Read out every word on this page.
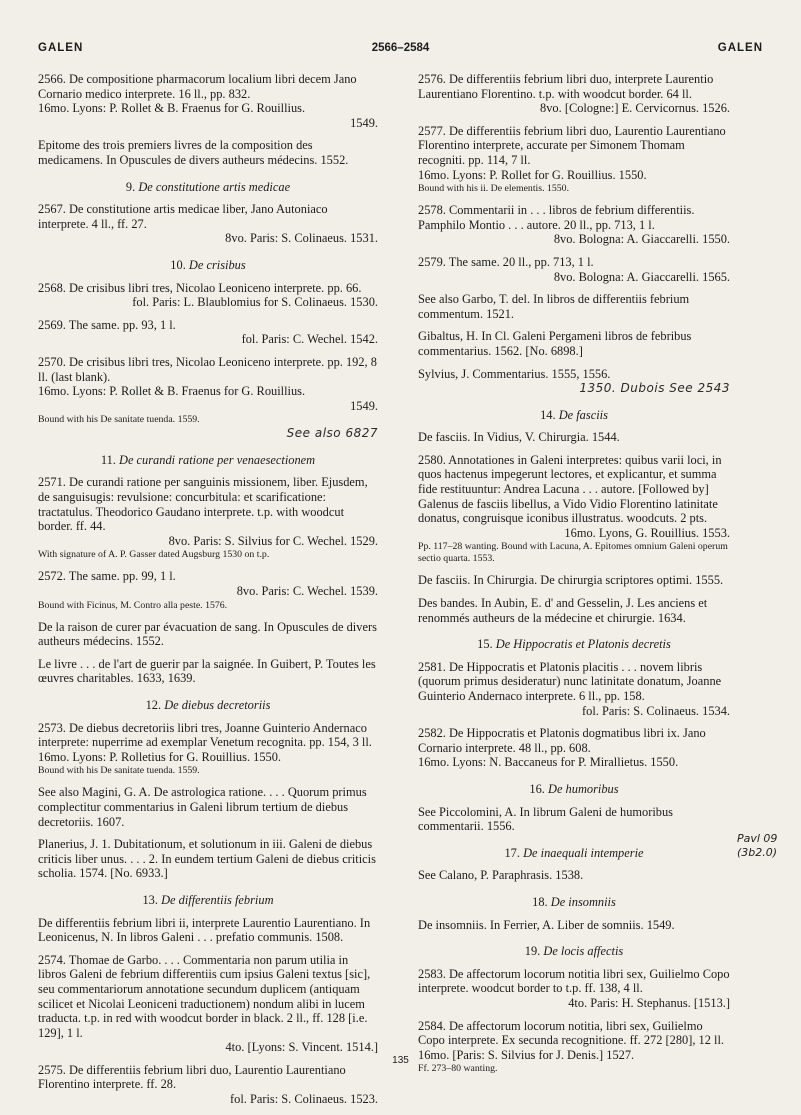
GALEN	2566–2584	GALEN
2566. De compositione pharmacorum localium libri decem Jano Cornario medico interprete. 16 ll., pp. 832.
16mo. Lyons: P. Rollet & B. Fraenus for G. Rouillius.
1549.
Epitome des trois premiers livres de la composition des medicamens. In Opuscules de divers autheurs médecins. 1552.
9. De constitutione artis medicae
2567. De constitutione artis medicae liber, Jano Autoniaco interprete. 4 ll., ff. 27.
8vo. Paris: S. Colinaeus. 1531.
10. De crisibus
2568. De crisibus libri tres, Nicolao Leoniceno interprete. pp. 66.
fol. Paris: L. Blaublomius for S. Colinaeus. 1530.
2569. The same. pp. 93, 1 l.
fol. Paris: C. Wechel. 1542.
2570. De crisibus libri tres, Nicolao Leoniceno interprete. pp. 192, 8 ll. (last blank).
16mo. Lyons: P. Rollet & B. Fraenus for G. Rouillius.
1549.
Bound with his De sanitate tuenda. 1559.
See also 6827
11. De curandi ratione per venaesectionem
2571. De curandi ratione per sanguinis missionem, liber. Ejusdem, de sanguisugis: revulsione: concurbitula: et scarificatione: tractatulus. Theodorico Gaudano interprete. t.p. with woodcut border. ff. 44.
8vo. Paris: S. Silvius for C. Wechel. 1529.
With signature of A. P. Gasser dated Augsburg 1530 on t.p.
2572. The same. pp. 99, 1 l.
8vo. Paris: C. Wechel. 1539.
Bound with Ficinus, M. Contro alla peste. 1576.
De la raison de curer par évacuation de sang. In Opuscules de divers autheurs médecins. 1552.
Le livre . . . de l'art de guerir par la saignée. In Guibert, P. Toutes les œuvres charitables. 1633, 1639.
12. De diebus decretoriis
2573. De diebus decretoriis libri tres, Joanne Guinterio Andernaco interprete: nuperrime ad exemplar Venetum recognita. pp. 154, 3 ll.
16mo. Lyons: P. Rolletius for G. Rouillius. 1550.
Bound with his De sanitate tuenda. 1559.
See also Magini, G. A. De astrologica ratione. . . . Quorum primus complectitur commentarius in Galeni librum tertium de diebus decretoriis. 1607.
Planerius, J. 1. Dubitationum, et solutionum in iii. Galeni de diebus criticis liber unus. . . . 2. In eundem tertium Galeni de diebus criticis scholia. 1574. [No. 6933.]
13. De differentiis febrium
De differentiis febrium libri ii, interprete Laurentio Laurentiano. In Leonicenus, N. In libros Galeni . . . prefatio communis. 1508.
2574. Thomae de Garbo. . . . Commentaria non parum utilia in libros Galeni de febrium differentiis cum ipsius Galeni textus [sic], seu commentariorum annotatione secundum duplicem (antiquam scilicet et Nicolai Leoniceni traductionem) nondum alibi in lucem traducta. t.p. in red with woodcut border in black. 2 ll., ff. 128 [i.e. 129], 1 l.
4to. [Lyons: S. Vincent. 1514.]
2575. De differentiis febrium libri duo, Laurentio Laurentiano Florentino interprete. ff. 28.
fol. Paris: S. Colinaeus. 1523.
2576. De differentiis febrium libri duo, interprete Laurentio Laurentiano Florentino. t.p. with woodcut border. 64 ll.
8vo. [Cologne:] E. Cervicornus. 1526.
2577. De differentiis febrium libri duo, Laurentio Laurentiano Florentino interprete, accurate per Simonem Thomam recogniti. pp. 114, 7 ll.
16mo. Lyons: P. Rollet for G. Rouillius. 1550.
Bound with his ii. De elementis. 1550.
2578. Commentarii in . . . libros de febrium differentiis. Pamphilo Montio . . . autore. 20 ll., pp. 713, 1 l.
8vo. Bologna: A. Giaccarelli. 1550.
2579. The same. 20 ll., pp. 713, 1 l.
8vo. Bologna: A. Giaccarelli. 1565.
See also Garbo, T. del. In libros de differentiis febrium commentum. 1521.
Gibaltus, H. In Cl. Galeni Pergameni libros de febribus commentarius. 1562. [No. 6898.]
Sylvius, J. Commentarius. 1555, 1556.
1350. Dubois See 2543
14. De fasciis
De fasciis. In Vidius, V. Chirurgia. 1544.
2580. Annotationes in Galeni interpretes: quibus varii loci, in quos hactenus impegerunt lectores, et explicantur, et summa fide restituuntur: Andrea Lacuna . . . autore. [Followed by] Galenus de fasciis libellus, a Vido Vidio Florentino latinitate donatus, congruisque iconibus illustratus. woodcuts. 2 pts.
16mo. Lyons, G. Rouillius. 1553.
Pp. 117–28 wanting. Bound with Lacuna, A. Epitomes omnium Galeni operum sectio quarta. 1553.
De fasciis. In Chirurgia. De chirurgia scriptores optimi. 1555.
Des bandes. In Aubin, E. d' and Gesselin, J. Les anciens et renommés autheurs de la médecine et chirurgie. 1634.
15. De Hippocratis et Platonis decretis
2581. De Hippocratis et Platonis placitis . . . novem libris (quorum primus desideratur) nunc latinitate donatum, Joanne Guinterio Andernaco interprete. 6 ll., pp. 158.
fol. Paris: S. Colinaeus. 1534.
2582. De Hippocratis et Platonis dogmatibus libri ix. Jano Cornario interprete. 48 ll., pp. 608.
16mo. Lyons: N. Baccaneus for P. Mirallietus. 1550.
16. De humoribus
See Piccolomini, A. In librum Galeni de humoribus commentarii. 1556.
17. De inaequali intemperie
See Calano, P. Paraphrasis. 1538.
18. De insomniis
De insomniis. In Ferrier, A. Liber de somniis. 1549.
19. De locis affectis
2583. De affectorum locorum notitia libri sex, Guilielmo Copo interprete. woodcut border to t.p. ff. 138, 4 ll.
4to. Paris: H. Stephanus. [1513.]
2584. De affectorum locorum notitia, libri sex, Guilielmo Copo interprete. Ex secunda recognitione. ff. 272 [280], 12 ll. 16mo. [Paris: S. Silvius for J. Denis.] 1527.
Ff. 273–80 wanting.
Pavl 09
(3b2.0)
135
